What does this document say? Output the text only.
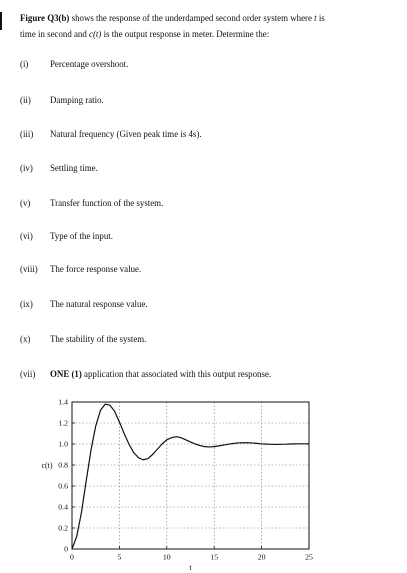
Figure Q3(b) shows the response of the underdamped second order system where t is
time in second and c(t) is the output response in meter. Determine the:
(i) Percentage overshoot.
(ii) Damping ratio.
(iii) Natural frequency (Given peak time is 4s).
(iv) Settling time.
(v) Transfer function of the system.
(vi) Type of the input.
(viii) The force response value.
(ix) The natural response value.
(x) The stability of the system.
(vii) ONE (1) application that associated with this output response.
0
0.2
0.4
0.6
0.8
1.0
1.2
1.4
0	5	10	15	20	25
c(t)
t
